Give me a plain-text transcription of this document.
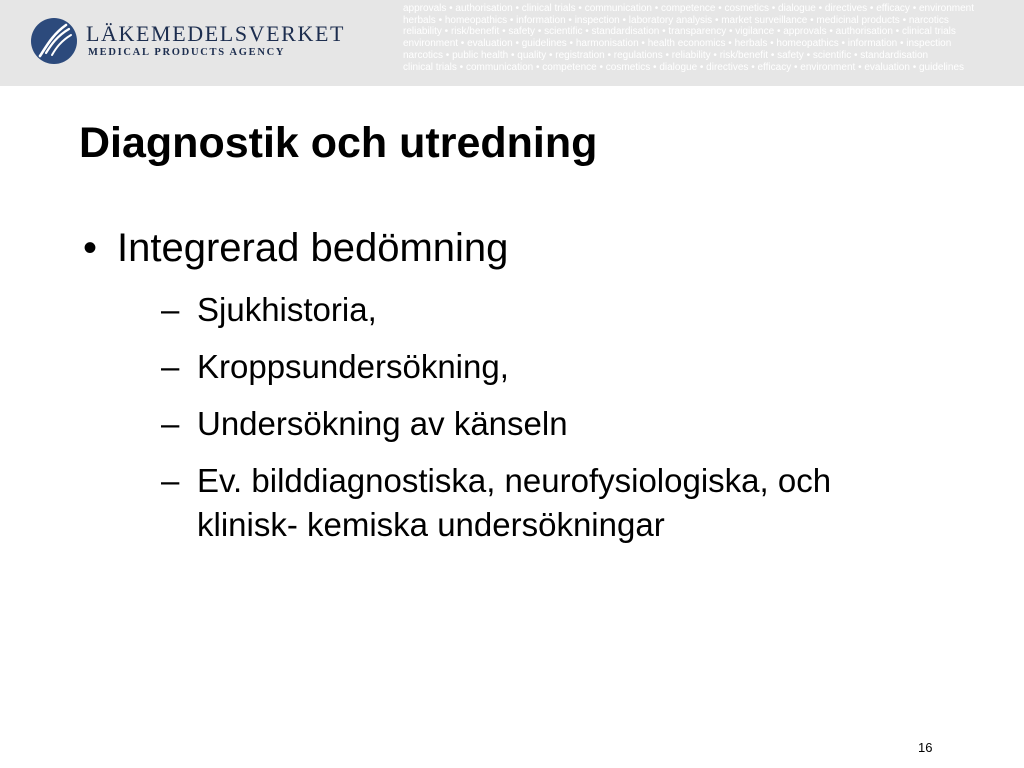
LÄKEMEDELSVERKET
MEDICAL PRODUCTS AGENCY
approvals • authorisation • clinical trials • communication • competence • cosmetics • dialogue • directives • efficacy • environment
herbals • homeopathics • information • inspection • laboratory analysis • market surveillance • medicinal products • narcotics
reliability • risk/benefit • safety • scientific • standardisation • transparency • vigilance • approvals • authorisation • clinical trials
environment • evaluation • guidelines • harmonisation • health economics • herbals • homeopathics • information • inspection
narcotics • public health • quality • registration • regulations • reliability • risk/benefit • safety • scientific • standardisation
clinical trials • communication • competence • cosmetics • dialogue • directives • efficacy • environment • evaluation • guidelines
Diagnostik och utredning
• Integrerad bedömning
– Sjukhistoria,
– Kroppsundersökning,
– Undersökning av känseln
– Ev. bilddiagnostiska, neurofysiologiska, och klinisk- kemiska undersökningar
16
